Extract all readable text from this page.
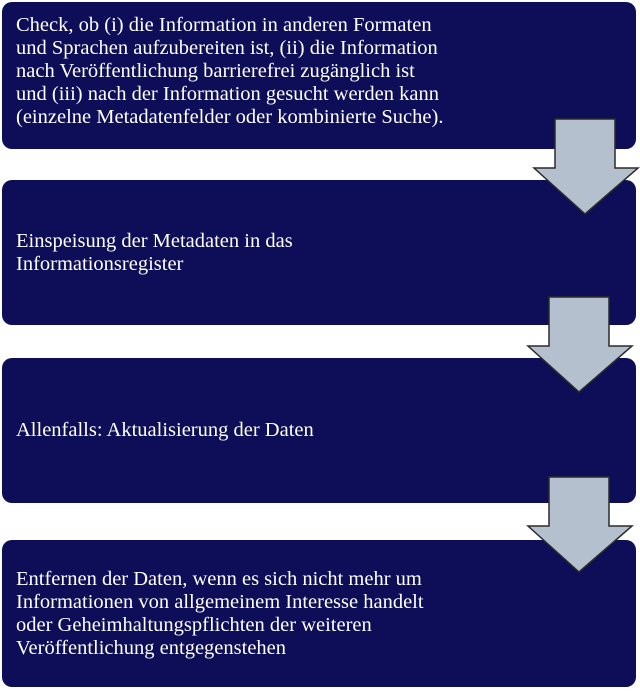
Check, ob (i) die Information in anderen Formaten
und Sprachen aufzubereiten ist, (ii) die Information
nach Veröffentlichung barrierefrei zugänglich ist
und (iii) nach der Information gesucht werden kann
(einzelne Metadatenfelder oder kombinierte Suche).
Einspeisung der Metadaten in das
Informationsregister
Allenfalls: Aktualisierung der Daten
Entfernen der Daten, wenn es sich nicht mehr um
Informationen von allgemeinem Interesse handelt
oder Geheimhaltungspflichten der weiteren
Veröffentlichung entgegenstehen
